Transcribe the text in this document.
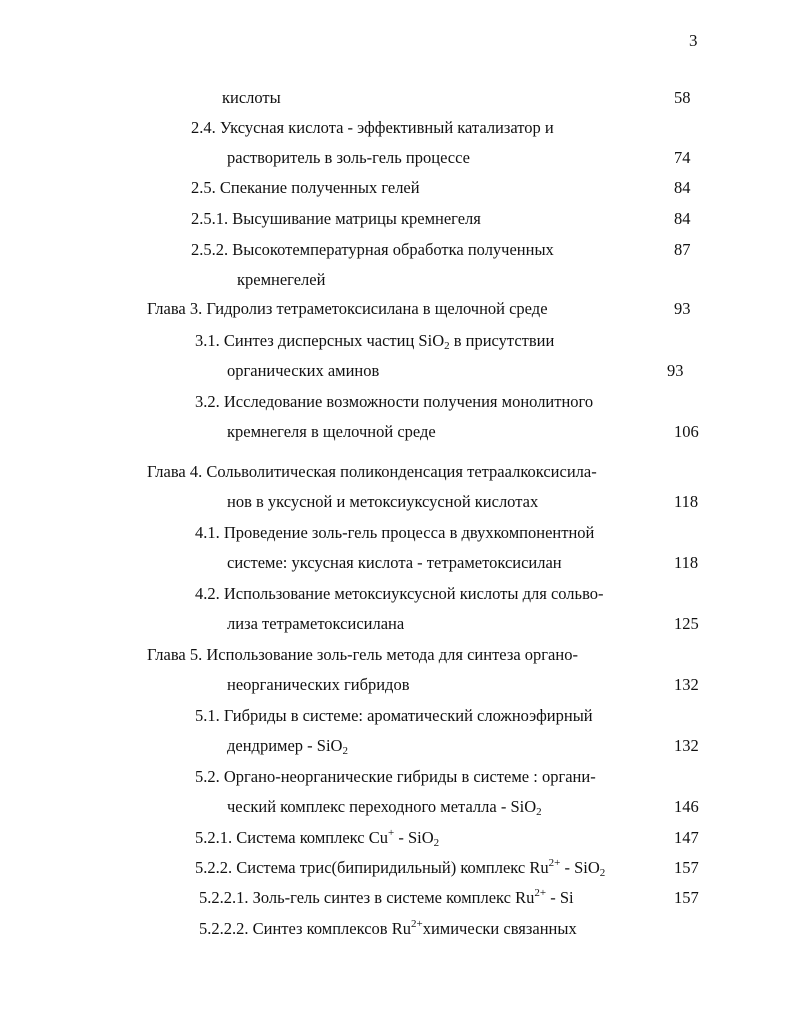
3
кислоты	58
2.4. Уксусная кислота - эффективный катализатор и
растворитель в золь-гель процессе	74
2.5. Спекание полученных гелей	84
2.5.1. Высушивание матрицы кремнегеля	84
2.5.2. Высокотемпературная обработка полученных	87
кремнегелей
Глава 3. Гидролиз тетраметоксисилана в щелочной среде	93
3.1. Синтез дисперсных частиц SiO$_2$ в присутствии
органических аминов	93
3.2. Исследование возможности получения монолитного
кремнегеля в щелочной среде	106
Глава 4. Сольволитическая поликонденсация тетраалкоксисила-
нов в уксусной и метоксиуксусной кислотах	118
4.1. Проведение золь-гель процесса в двухкомпонентной
системе: уксусная кислота - тетраметоксисилан	118
4.2. Использование метоксиуксусной кислоты для сольво-
лиза тетраметоксисилана	125
Глава 5. Использование золь-гель метода для синтеза органо-
неорганических гибридов	132
5.1. Гибриды в системе: ароматический сложноэфирный
дендример - SiO$_2$	132
5.2. Органо-неорганические гибриды в системе : органи-
ческий комплекс переходного металла - SiO$_2$	146
5.2.1. Система комплекс Cu+ - SiO$_2$	147
5.2.2. Система трис(бипиридильный) комплекс $Ru^{2+} - SiO_2$	157
5.2.2.1. Золь-гель синтез в системе комплекс $Ru^{2+}$ - Si	157
5.2.2.2. Синтез комплексов $Ru^{2+}химически$ связанных
